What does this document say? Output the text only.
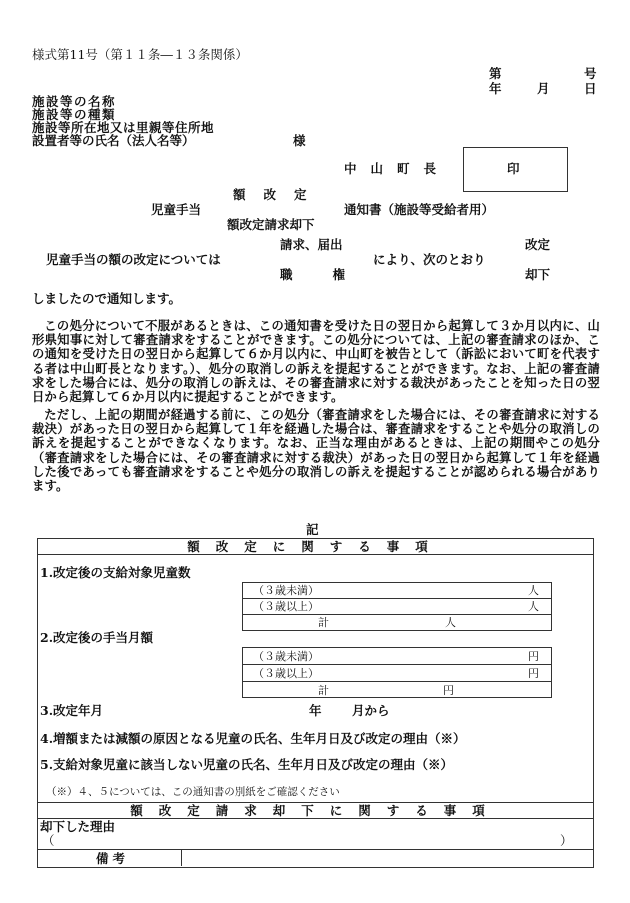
様式第11号（第１１条―１３条関係）
第	号
年	月	日
施設等の名称
施設等の種類
施設等所在地又は里親等住所地
設置者等の氏名（法人名等）	様
中山町長	印
額改定
児童手当	通知書（施設等受給者用）
額改定請求却下
請求、届出	改定
児童手当の額の改定については	により、次のとおり
職権	却下
しましたので通知します。
この処分について不服があるときは、この通知書を受けた日の翌日から起算して３か月以内に、山形県知事に対して審査請求をすることができます。この処分については、上記の審査請求のほか、この通知を受けた日の翌日から起算して６か月以内に、中山町を被告として（訴訟において町を代表する者は中山町長となります。）、処分の取消しの訴えを提起することができます。なお、上記の審査請求をした場合には、処分の取消しの訴えは、その審査請求に対する裁決があったことを知った日の翌日から起算して６か月以内に提起することができます。
ただし、上記の期間が経過する前に、この処分（審査請求をした場合には、その審査請求に対する裁決）があった日の翌日から起算して１年を経過した場合は、審査請求をすることや処分の取消しの訴えを提起することができなくなります。なお、正当な理由があるときは、上記の期間やこの処分（審査請求をした場合には、その審査請求に対する裁決）があった日の翌日から起算して１年を経過した後であっても審査請求をすることや処分の取消しの訴えを提起することが認められる場合があります。
記
額改定に関する事項
1.改定後の支給対象児童数
（３歳未満）	人
（３歳以上）	人
計	人
2.改定後の手当月額
（３歳未満）	円
（３歳以上）	円
計	円
3.改定年月	年 月から
4.増額または減額の原因となる児童の氏名、生年月日及び改定の理由（※）
5.支給対象児童に該当しない児童の氏名、生年月日及び改定の理由（※）
（※）４、５については、この通知書の別紙をご確認ください
額改定請求却下に関する事項
却下した理由
（	）
備考
